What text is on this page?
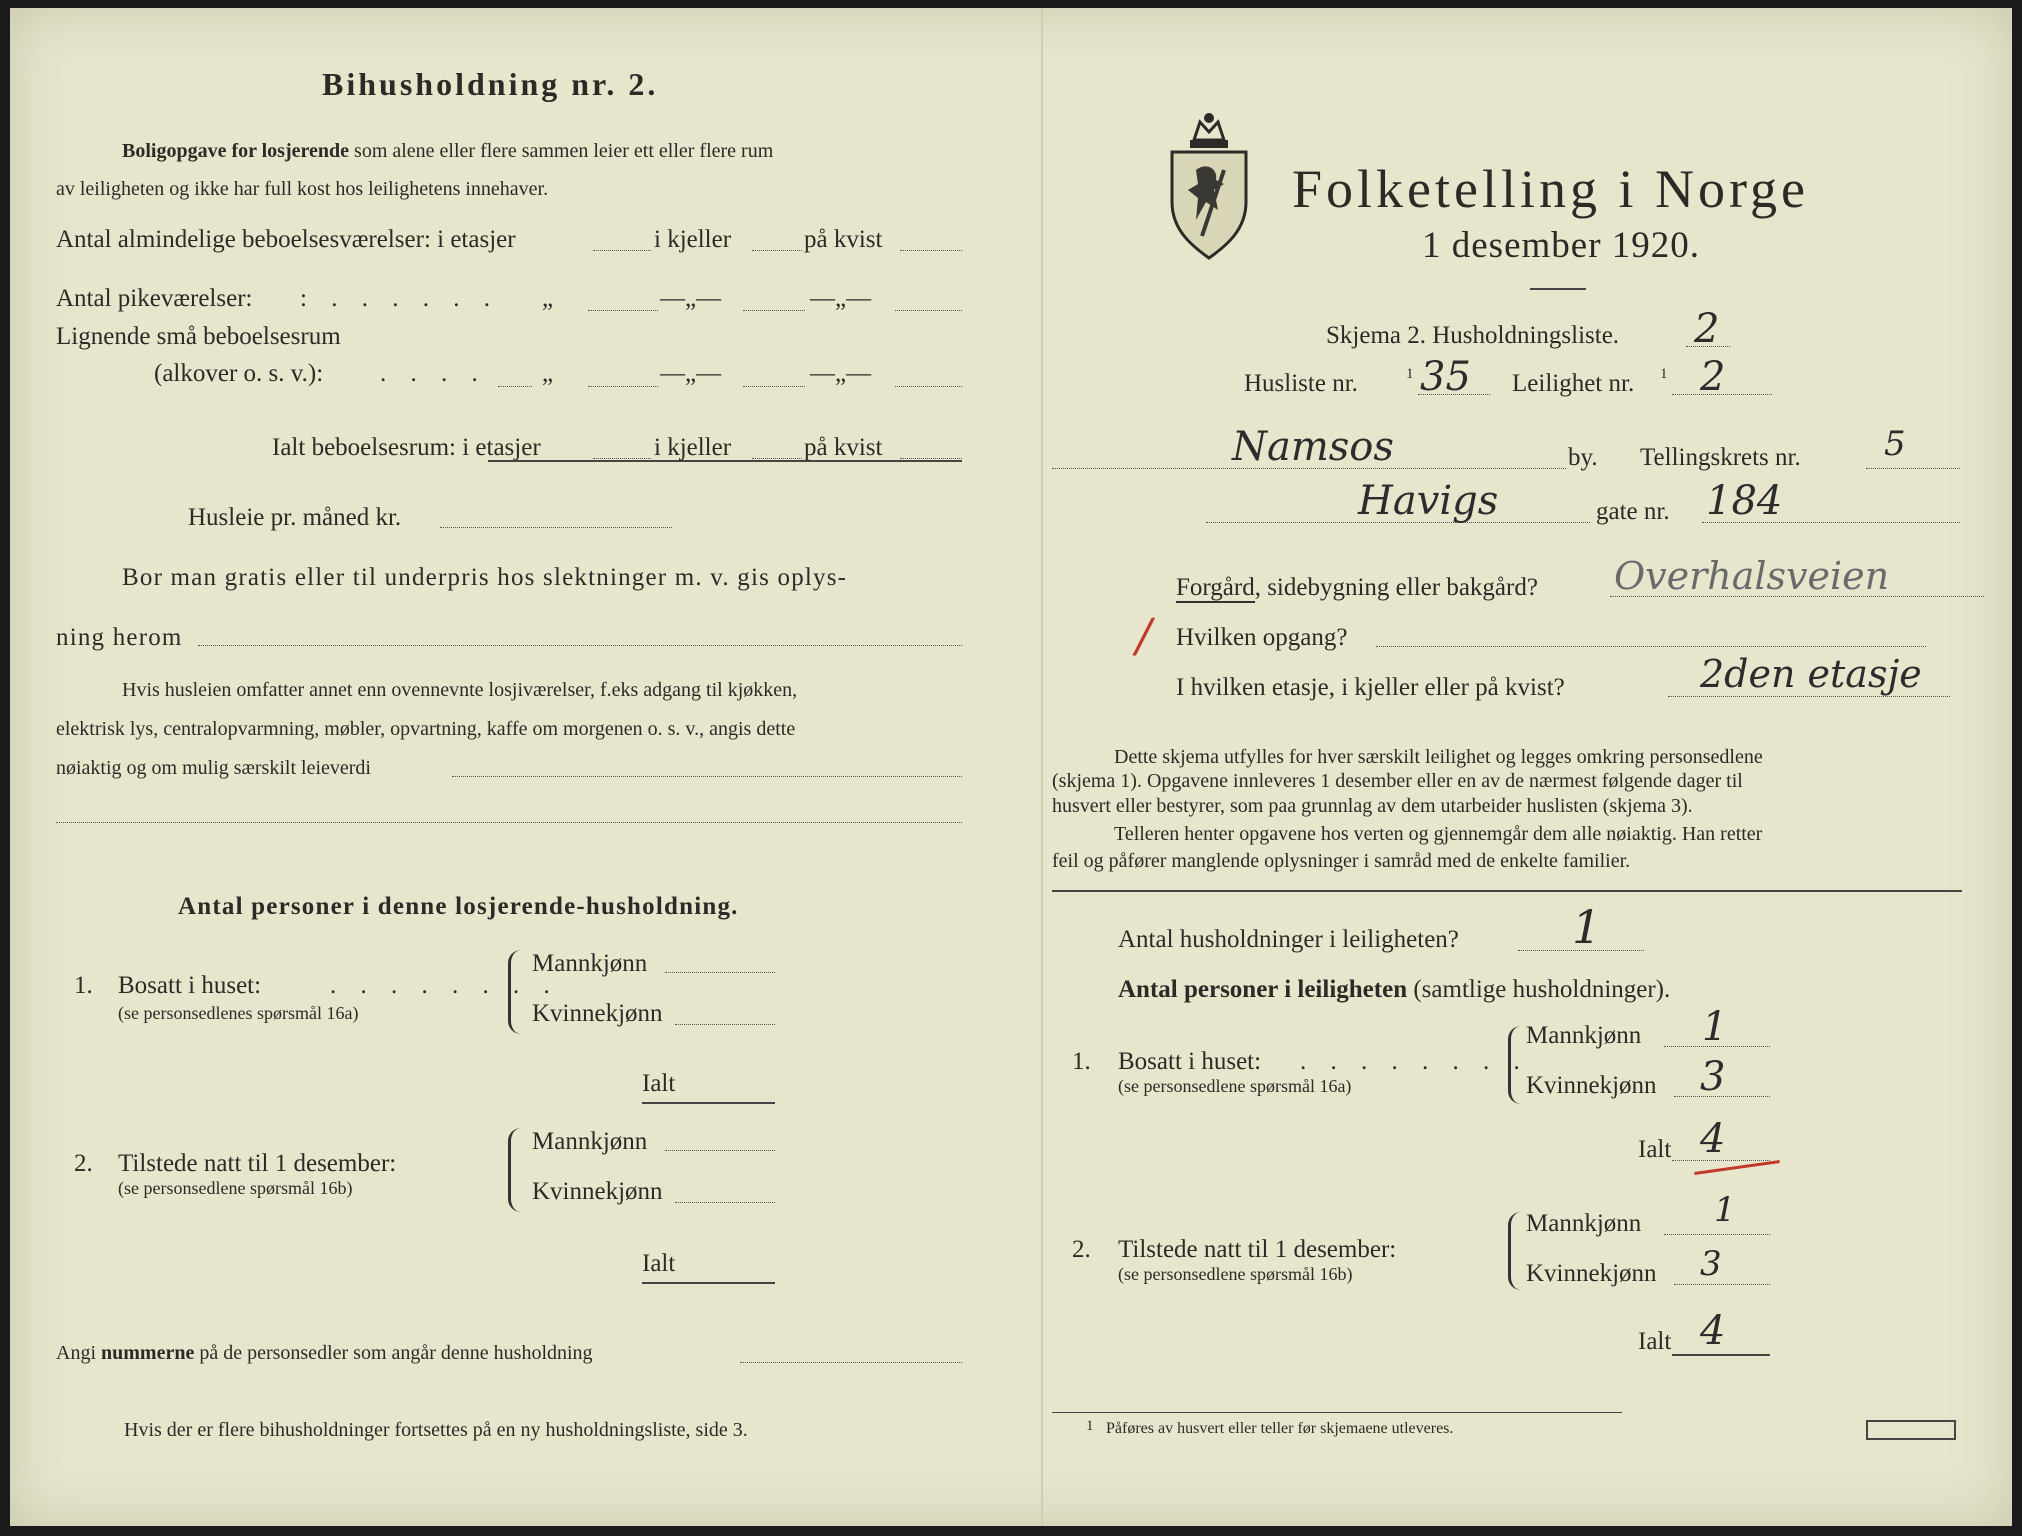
Bihusholdning nr. 2.
Boligopgave for losjerende som alene eller flere sammen leier ett eller flere rum
av leiligheten og ikke har full kost hos leilighetens innehaver.
Antal almindelige beboelsesværelser: i etasjer	i kjeller	på kvist
Antal pikeværelser: : . . . . . . „	—„—	—„—
Lignende små beboelsesrum
(alkover o. s. v.): . . . . „	—„—	—„—
Ialt beboelsesrum: i etasjer	i kjeller	på kvist
Husleie pr. måned kr.
Bor man gratis eller til underpris hos slektninger m. v. gis oplys-
ning herom
Hvis husleien omfatter annet enn ovennevnte losjiværelser, f.eks adgang til kjøkken,
elektrisk lys, centralopvarmning, møbler, opvartning, kaffe om morgenen o. s. v., angis dette
nøiaktig og om mulig særskilt leieverdi
Antal personer i denne losjerende-husholdning.
1. Bosatt i huset:	. . . . . . . .
(se personsedlenes spørsmål 16a)
Mannkjønn
Kvinnekjønn
Ialt
2. Tilstede natt til 1 desember:
(se personsedlene spørsmål 16b)
Mannkjønn
Kvinnekjønn
Ialt
Angi nummerne på de personsedler som angår denne husholdning
Hvis der er flere bihusholdninger fortsettes på en ny husholdningsliste, side 3.
Folketelling i Norge
1 desember 1920.
Skjema 2. Husholdningsliste. 2
Husliste nr.	1 35 Leilighet nr. 1 2
Namsos	by. Tellingskrets nr. 5
Havigs	gate nr. 184
Forgård, sidebygning eller bakgård? Overhalsveien
/ Hvilken opgang?
I hvilken etasje, i kjeller eller på kvist?	2den etasje
Dette skjema utfylles for hver særskilt leilighet og legges omkring personsedlene
(skjema 1). Opgavene innleveres 1 desember eller en av de nærmest følgende dager til
husvert eller bestyrer, som paa grunnlag av dem utarbeider huslisten (skjema 3).
Telleren henter opgavene hos verten og gjennemgår dem alle nøiaktig. Han retter
feil og påfører manglende oplysninger i samråd med de enkelte familier.
Antal husholdninger i leiligheten? 1
Antal personer i leiligheten (samtlige husholdninger).
1. Bosatt i huset: . . . . . . . .
(se personsedlene spørsmål 16a)
Mannkjønn 1
Kvinnekjønn 3
Ialt 4
2. Tilstede natt til 1 desember:
(se personsedlene spørsmål 16b)
Mannkjønn 1
Kvinnekjønn 3
Ialt 4
1 Påføres av husvert eller teller før skjemaene utleveres.
